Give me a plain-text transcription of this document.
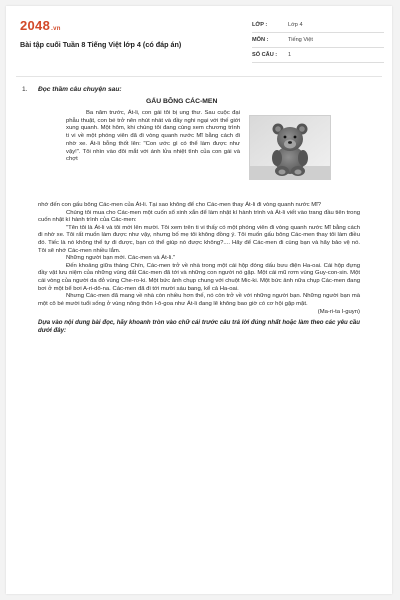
2048.vn
Bài tập cuối Tuần 8 Tiếng Việt lớp 4 (có đáp án)
LỚP :	Lớp 4
MÔN :	Tiếng Việt
SỐ CÂU :	1
1. Đọc thầm câu chuyện sau:
GẤU BÔNG CÁC-MEN
Ba năm trước, Át-li, con gái tôi bị ung thư. Sau cuộc đại phẫu thuật, con bé trở nên nhút nhát và đầy nghi ngại với thế giới xung quanh. Một hôm, khi chúng tôi đang cùng xem chương trình ti vi về một phóng viên đã đi vòng quanh nước Mĩ bằng cách đi nhờ xe. Át-li bỗng thốt lên: "Con ước gì có thể làm được như vậy!". Tôi nhìn vào đôi mắt với ánh lửa nhiệt tình của con gái và chợt

nhớ đến con gấu bông Các-men của Át-li. Tại sao không để cho Các-men thay Át-li đi vòng quanh nước Mĩ?

Chúng tôi mua cho Các-men một cuốn sổ xinh xắn để làm nhật kí hành trình và Át-li viết vào trang đầu tiên trong cuốn nhật kí hành trình của Các-men:

"Tên tôi là Át-li và tôi mới lên mười. Tôi xem trên ti vi thấy có một phóng viên đi vòng quanh nước Mĩ bằng cách đi nhờ xe. Tôi rất muốn làm được như vậy, nhưng bố mẹ tôi không đồng ý. Tôi muốn gấu bông Các-men thay tôi làm điều đó. Tiếc là nó không thể tự đi được, bạn có thể giúp nó được không?.... Hãy để Các-men đi cùng bạn và hãy bảo vệ nó. Tôi sẽ nhớ Các-men nhiều lắm.

Những người bạn mới. Các-men và Át-li."

Đến khoảng giữa tháng Chín, Các-men trở về nhà trong một cái hộp đóng dấu bưu điện Ha-oai. Cái hộp đựng đầy vật lưu niệm của những vùng đất Các-men đã tới và những con người nó gặp. Một cái mũ rơm vùng Guy-con-sin. Một cái vòng của người da đỏ vùng Che-ro-ki. Một bức ảnh chụp chung với chuột Mic-ki. Một bức ảnh nữa chụp Các-men đang bơi ở một bể bơi A-ri-dô-na. Các-men đã đi tới mười sáu bang, kể cả Ha-oai.

Nhưng Các-men đã mang về nhà còn nhiều hơn thế, nó còn trở về với những người bạn. Những người bạn mà một cô bé mười tuổi sống ở vùng nông thôn I-ô-goa như Át-li đang lẽ không bao giờ có cơ hội gặp mặt.

(Ma-ri-ta I-guyn)

Dựa vào nội dung bài đọc, hãy khoanh tròn vào chữ cái trước câu trả lời đúng nhất hoặc làm theo các yêu cầu dưới đây:
